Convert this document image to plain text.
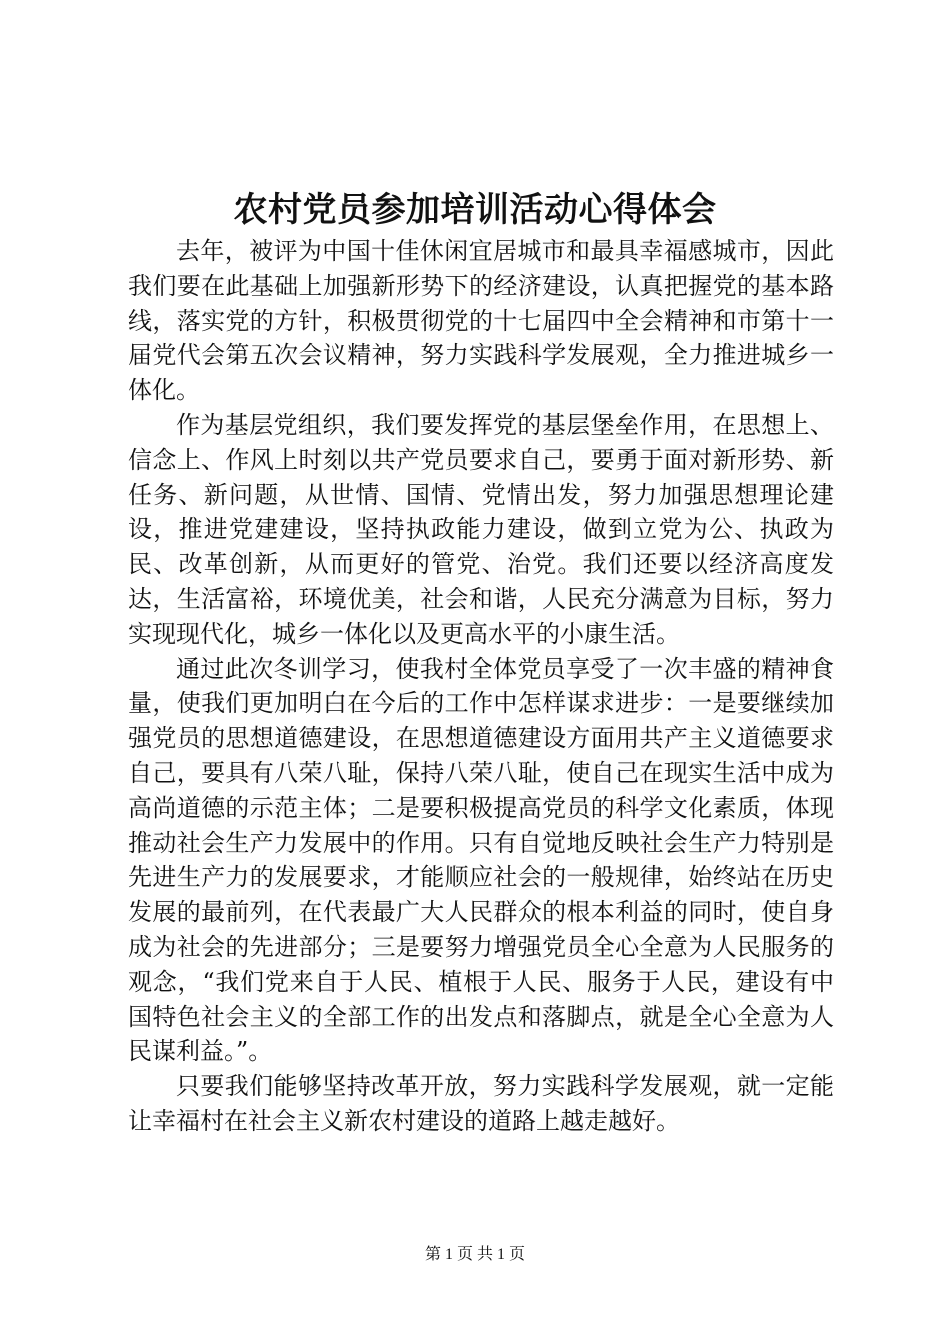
农村党员参加培训活动心得体会

去年，被评为中国十佳休闲宜居城市和最具幸福感城市，因此我们要在此基础上加强新形势下的经济建设，认真把握党的基本路线，落实党的方针，积极贯彻党的十七届四中全会精神和市第十一届党代会第五次会议精神，努力实践科学发展观，全力推进城乡一体化。

作为基层党组织，我们要发挥党的基层堡垒作用，在思想上、信念上、作风上时刻以共产党员要求自己，要勇于面对新形势、新任务、新问题，从世情、国情、党情出发，努力加强思想理论建设，推进党建建设，坚持执政能力建设，做到立党为公、执政为民、改革创新，从而更好的管党、治党。我们还要以经济高度发达，生活富裕，环境优美，社会和谐，人民充分满意为目标，努力实现现代化，城乡一体化以及更高水平的小康生活。

通过此次冬训学习，使我村全体党员享受了一次丰盛的精神食量，使我们更加明白在今后的工作中怎样谋求进步：一是要继续加强党员的思想道德建设，在思想道德建设方面用共产主义道德要求自己，要具有八荣八耻，保持八荣八耻，使自己在现实生活中成为高尚道德的示范主体；二是要积极提高党员的科学文化素质，体现推动社会生产力发展中的作用。只有自觉地反映社会生产力特别是先进生产力的发展要求，才能顺应社会的一般规律，始终站在历史发展的最前列，在代表最广大人民群众的根本利益的同时，使自身成为社会的先进部分；三是要努力增强党员全心全意为人民服务的观念，“我们党来自于人民、植根于人民、服务于人民，建设有中国特色社会主义的全部工作的出发点和落脚点，就是全心全意为人民谋利益。”。

只要我们能够坚持改革开放，努力实践科学发展观，就一定能让幸福村在社会主义新农村建设的道路上越走越好。

第 1 页 共 1 页
